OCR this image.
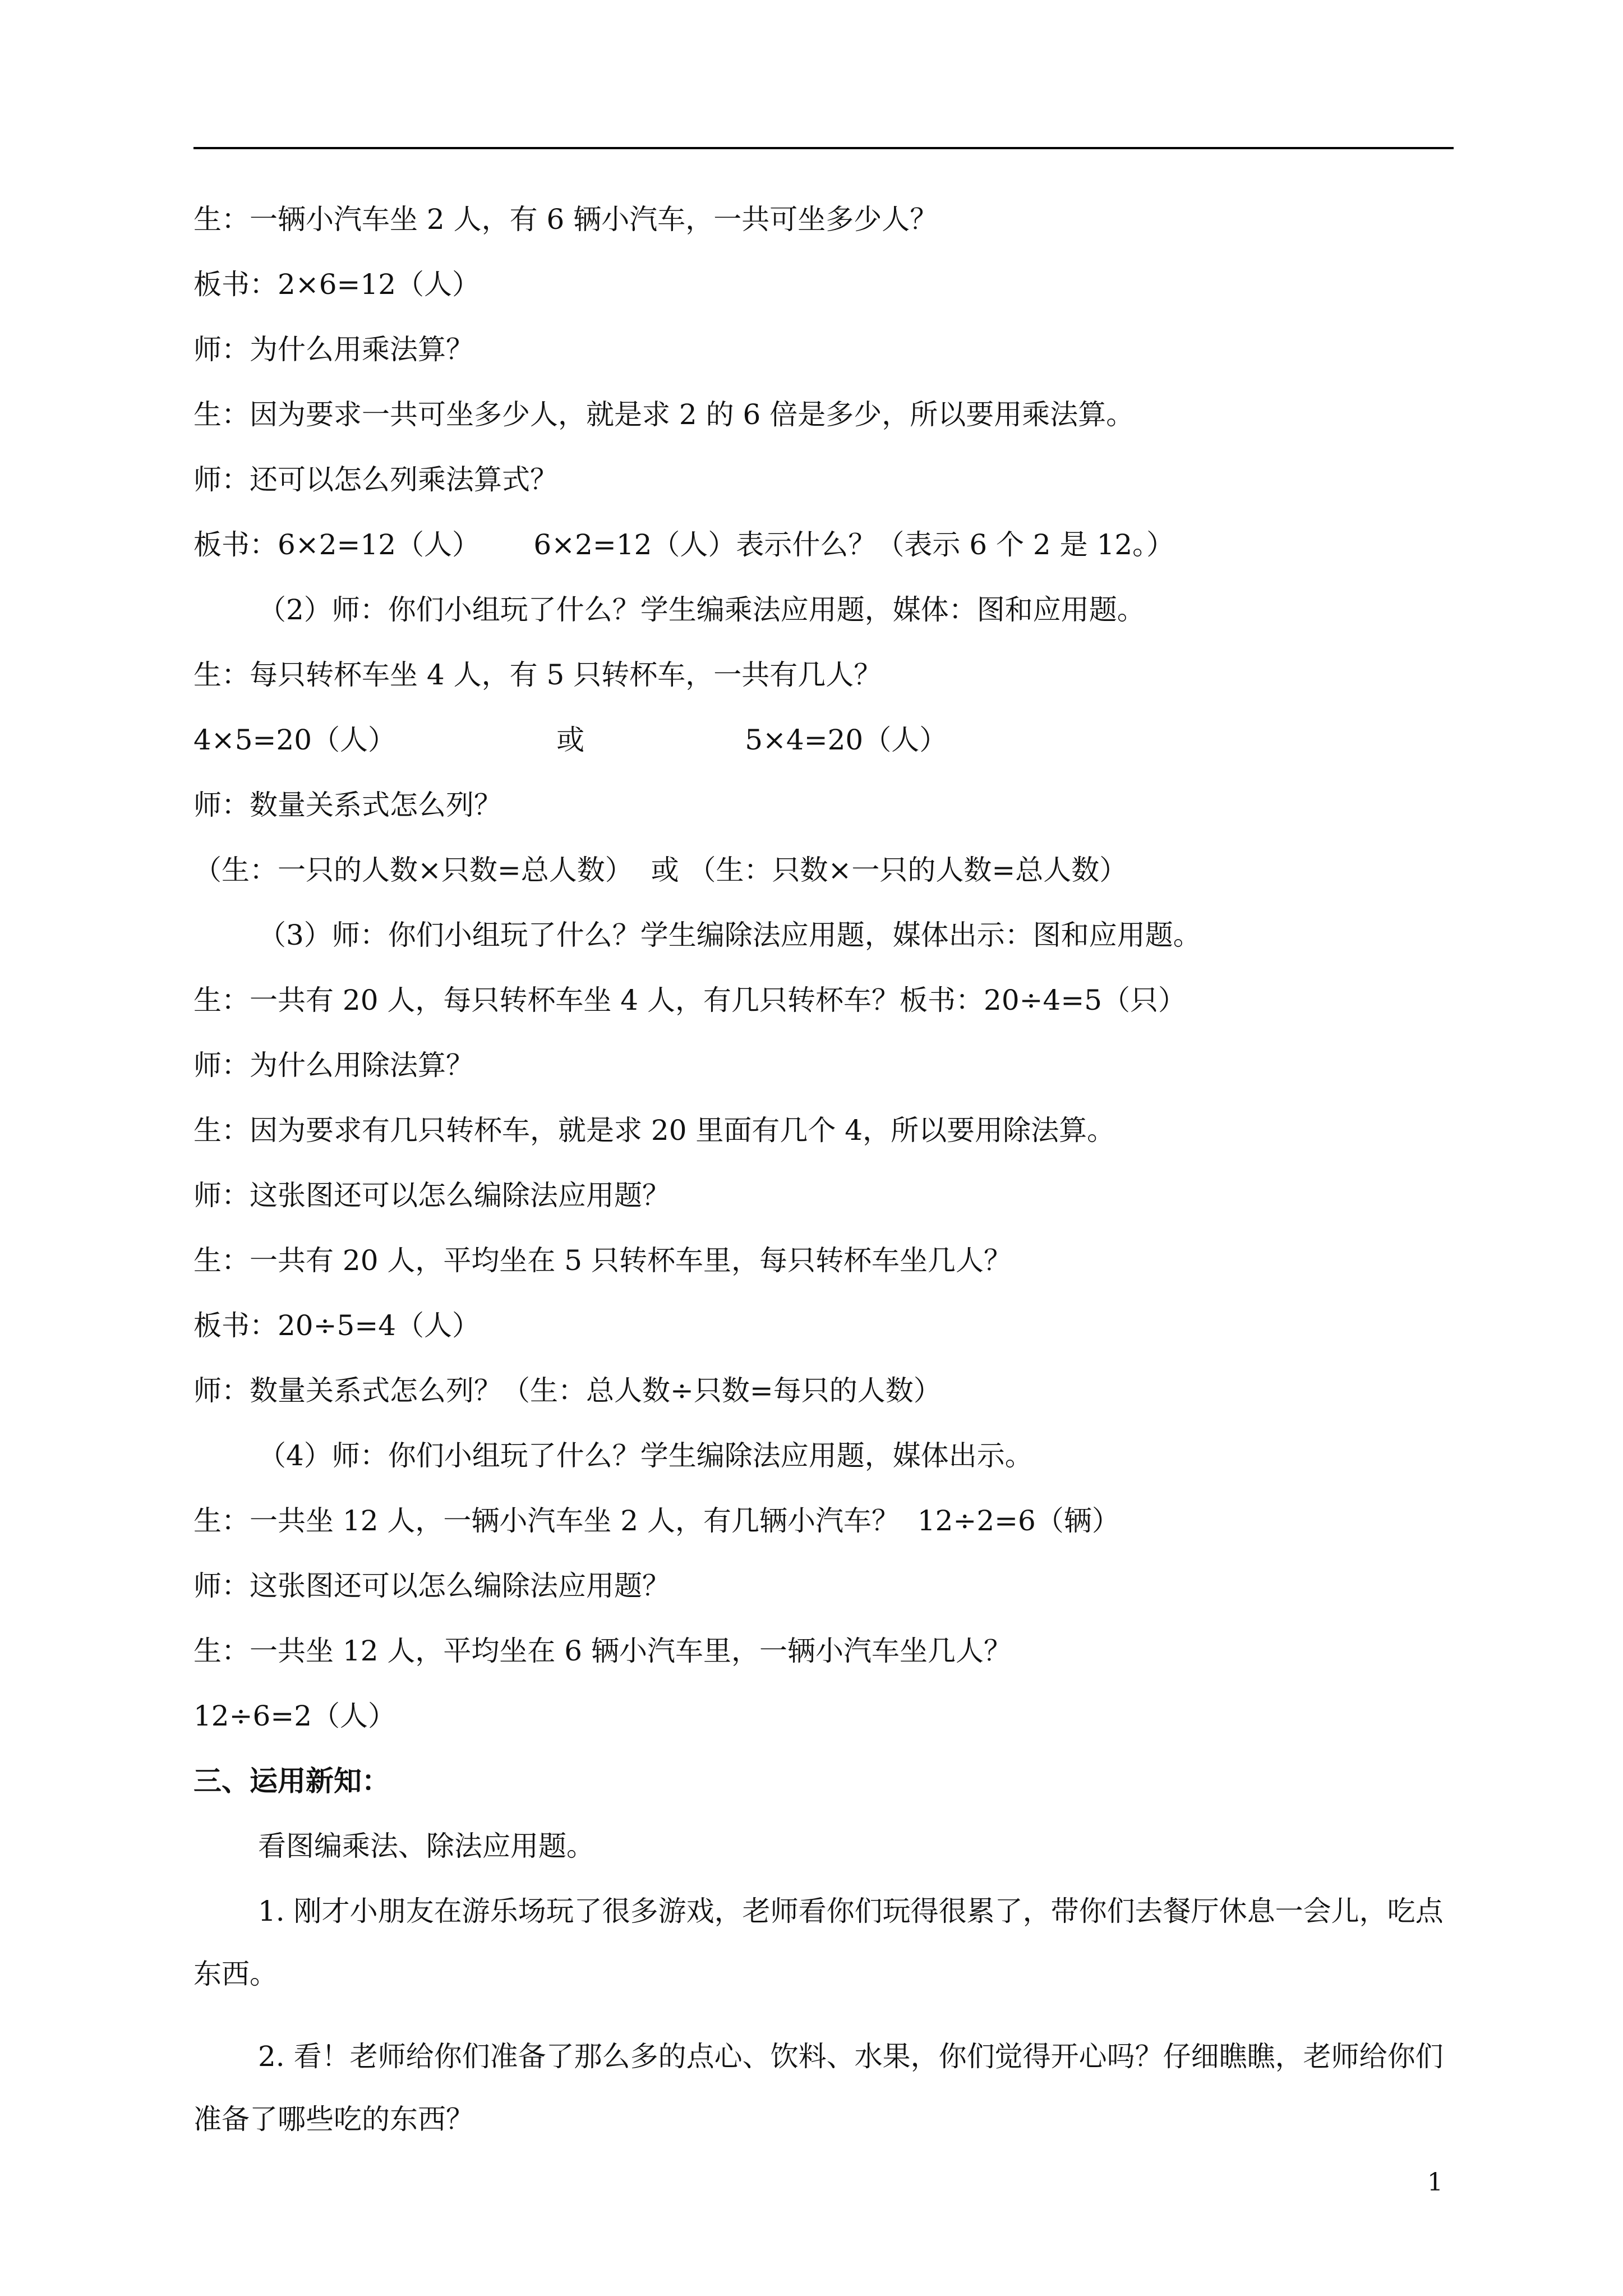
生：一辆小汽车坐 2 人，有 6 辆小汽车，一共可坐多少人？

板书：2×6=12（人）

师：为什么用乘法算？

生：因为要求一共可坐多少人，就是求 2 的 6 倍是多少，所以要用乘法算。

师：还可以怎么列乘法算式？

板书：6×2=12（人）      6×2=12（人）表示什么？（表示 6 个 2 是 12。）

（2）师：你们小组玩了什么？学生编乘法应用题，媒体：图和应用题。

生：每只转杯车坐 4 人，有 5 只转杯车，一共有几人？

4×5=20（人）                  或                  5×4=20（人）

师：数量关系式怎么列？

（生：一只的人数×只数=总人数）  或 （生：只数×一只的人数=总人数）

（3）师：你们小组玩了什么？学生编除法应用题，媒体出示：图和应用题。

生：一共有 20 人，每只转杯车坐 4 人，有几只转杯车？板书：20÷4=5（只）

师：为什么用除法算？

生：因为要求有几只转杯车，就是求 20 里面有几个 4，所以要用除法算。

师：这张图还可以怎么编除法应用题？

生：一共有 20 人，平均坐在 5 只转杯车里，每只转杯车坐几人？

板书：20÷5=4（人）

师：数量关系式怎么列？（生：总人数÷只数=每只的人数）

（4）师：你们小组玩了什么？学生编除法应用题，媒体出示。

生：一共坐 12 人，一辆小汽车坐 2 人，有几辆小汽车？  12÷2=6（辆）

师：这张图还可以怎么编除法应用题？

生：一共坐 12 人，平均坐在 6 辆小汽车里，一辆小汽车坐几人？

12÷6=2（人）

三、运用新知：

看图编乘法、除法应用题。

1. 刚才小朋友在游乐场玩了很多游戏，老师看你们玩得很累了，带你们去餐厅休息一会儿，吃点东西。

2. 看！老师给你们准备了那么多的点心、饮料、水果，你们觉得开心吗？仔细瞧瞧，老师给你们准备了哪些吃的东西？

1
